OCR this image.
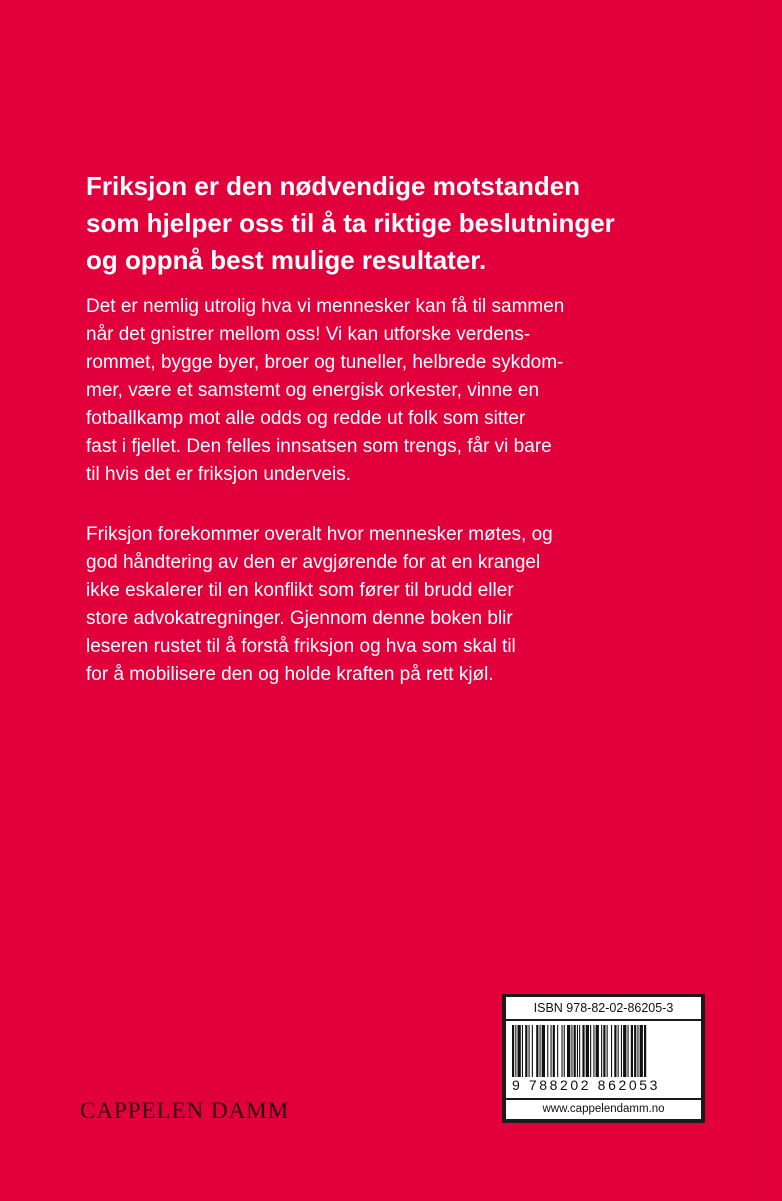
Friksjon er den nødvendige motstanden
som hjelper oss til å ta riktige beslutninger
og oppnå best mulige resultater.

Det er nemlig utrolig hva vi mennesker kan få til sammen
når det gnistrer mellom oss! Vi kan utforske verdens-
rommet, bygge byer, broer og tuneller, helbrede sykdom-
mer, være et samstemt og energisk orkester, vinne en
fotballkamp mot alle odds og redde ut folk som sitter
fast i fjellet. Den felles innsatsen som trengs, får vi bare
til hvis det er friksjon underveis.

Friksjon forekommer overalt hvor mennesker møtes, og
god håndtering av den er avgjørende for at en krangel
ikke eskalerer til en konflikt som fører til brudd eller
store advokatregninger. Gjennom denne boken blir
leseren rustet til å forstå friksjon og hva som skal til
for å mobilisere den og holde kraften på rett kjøl.

CAPPELEN DAMM
ISBN 978-82-02-86205-3
9 788202 862053
www.cappelendamm.no
